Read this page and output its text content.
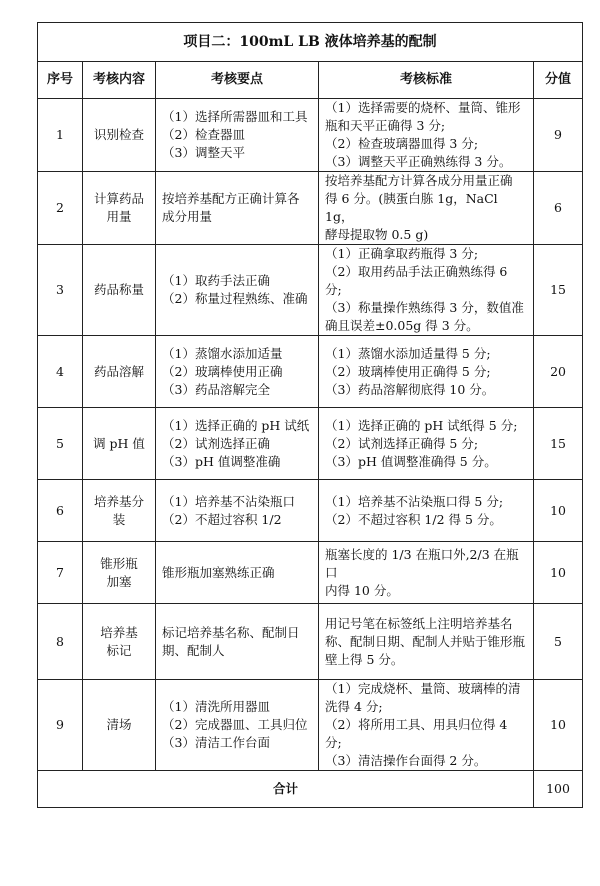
项目二：100mL LB 液体培养基的配制				
序号	考核内容	考核要点	考核标准	分值
1	识别检查	（1）选择所需器皿和工具
（2）检查器皿
（3）调整天平	（1）选择需要的烧杯、量筒、锥形
瓶和天平正确得 3 分;
（2）检查玻璃器皿得 3 分;
（3）调整天平正确熟练得 3 分。	9
2	计算药品
用量	按培养基配方正确计算各
成分用量	按培养基配方计算各成分用量正确
得 6 分。(胰蛋白胨 1g，NaCl 1g，
酵母提取物 0.5 g)	6
3	药品称量	（1）取药手法正确
（2）称量过程熟练、准确	（1）正确拿取药瓶得 3 分;
（2）取用药品手法正确熟练得 6 分;
（3）称量操作熟练得 3 分，数值准
确且误差±0.05g 得 3 分。	15
4	药品溶解	（1）蒸馏水添加适量
（2）玻璃棒使用正确
（3）药品溶解完全	（1）蒸馏水添加适量得 5 分;
（2）玻璃棒使用正确得 5 分;
（3）药品溶解彻底得 10 分。	20
5	调 pH 值	（1）选择正确的 pH 试纸
（2）试剂选择正确
（3）pH 值调整准确	（1）选择正确的 pH 试纸得 5 分;
（2）试剂选择正确得 5 分;
（3）pH 值调整准确得 5 分。	15
6	培养基分
装	（1）培养基不沾染瓶口
（2）不超过容积 1/2	（1）培养基不沾染瓶口得 5 分;
（2）不超过容积 1/2 得 5 分。	10
7	锥形瓶
加塞	锥形瓶加塞熟练正确	瓶塞长度的 1/3 在瓶口外,2/3 在瓶口
内得 10 分。	10
8	培养基
标记	标记培养基名称、配制日
期、配制人	用记号笔在标签纸上注明培养基名
称、配制日期、配制人并贴于锥形瓶
壁上得 5 分。	5
9	清场	（1）清洗所用器皿
（2）完成器皿、工具归位
（3）清洁工作台面	（1）完成烧杯、量筒、玻璃棒的清
洗得 4 分;
（2）将所用工具、用具归位得 4 分;
（3）清洁操作台面得 2 分。	10
合计				100
